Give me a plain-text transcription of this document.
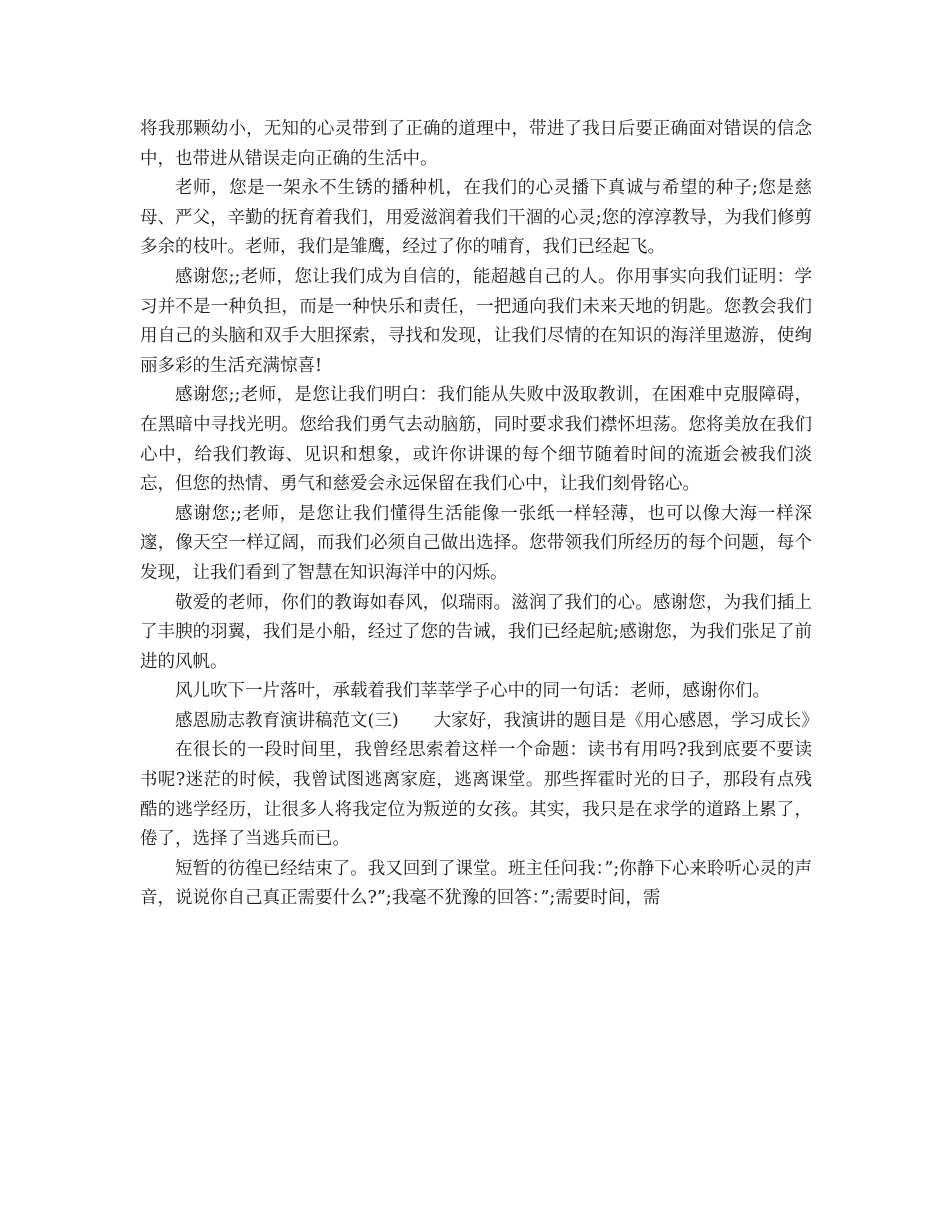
将我那颗幼小，无知的心灵带到了正确的道理中，带进了我日后要正确面对错误的信念中，也带进从错误走向正确的生活中。

老师，您是一架永不生锈的播种机，在我们的心灵播下真诚与希望的种子;您是慈母、严父，辛勤的抚育着我们，用爱滋润着我们干涸的心灵;您的淳淳教导，为我们修剪多余的枝叶。老师，我们是雏鹰，经过了你的哺育，我们已经起飞。

感谢您;;老师，您让我们成为自信的，能超越自己的人。你用事实向我们证明：学习并不是一种负担，而是一种快乐和责任，一把通向我们未来天地的钥匙。您教会我们用自己的头脑和双手大胆探索，寻找和发现，让我们尽情的在知识的海洋里遨游，使绚丽多彩的生活充满惊喜!

感谢您;;老师，是您让我们明白：我们能从失败中汲取教训，在困难中克服障碍，在黑暗中寻找光明。您给我们勇气去动脑筋，同时要求我们襟怀坦荡。您将美放在我们心中，给我们教诲、见识和想象，或许你讲课的每个细节随着时间的流逝会被我们淡忘，但您的热情、勇气和慈爱会永远保留在我们心中，让我们刻骨铭心。

感谢您;;老师，是您让我们懂得生活能像一张纸一样轻薄，也可以像大海一样深邃，像天空一样辽阔，而我们必须自己做出选择。您带领我们所经历的每个问题，每个发现，让我们看到了智慧在知识海洋中的闪烁。

敬爱的老师，你们的教诲如春风，似瑞雨。滋润了我们的心。感谢您，为我们插上了丰腴的羽翼，我们是小船，经过了您的告诫，我们已经起航;感谢您，为我们张足了前进的风帆。

风儿吹下一片落叶，承载着我们莘莘学子心中的同一句话：老师，感谢你们。

感恩励志教育演讲稿范文(三)　　大家好，我演讲的题目是《用心感恩，学习成长》

在很长的一段时间里，我曾经思索着这样一个命题：读书有用吗?我到底要不要读书呢?迷茫的时候，我曾试图逃离家庭，逃离课堂。那些挥霍时光的日子，那段有点残酷的逃学经历，让很多人将我定位为叛逆的女孩。其实，我只是在求学的道路上累了，倦了，选择了当逃兵而已。

短暂的彷徨已经结束了。我又回到了课堂。班主任问我：”;你静下心来聆听心灵的声音，说说你自己真正需要什么?”;我毫不犹豫的回答：”;需要时间，需
